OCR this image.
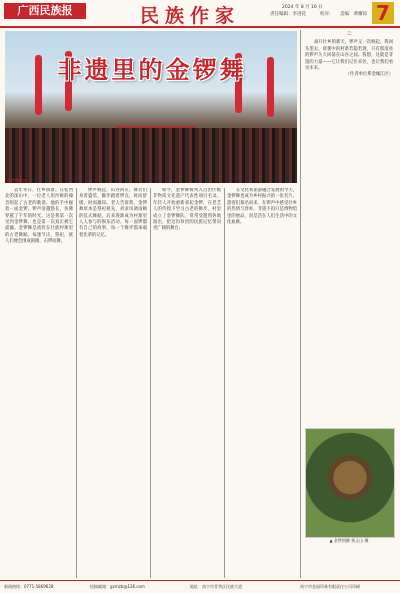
广西民族报	民族作家	2024 年 8 月 16 日
责任编辑：李进花	校对： 美编：黄耀琼 7
非遗里的金锣舞
金锣舞表演

去年冬日，壮乡侗寨。在桂西北的深山中，一位老人用沙哑的嗓音唱起了古老的歌谣。他的手中握着一面金锣，锣声清越悠长，仿佛穿越了千年的时光。这是我第一次见到金锣舞，也是第一次真正被它震撼。金锣舞是流传在壮族村寨里的古老舞蹈，每逢节庆、祭祀，族人们便会围成圆圈，击锣而舞。

锣声响起，山谷回应。舞者们身着盛装，脚步踏着锣点，时而舒缓，时而激昂。老人告诉我，金锣舞原本是祭祀祖先、祈求风调雨顺的仪式舞蹈，后来逐渐成为村寨里人人参与的娱乐活动。每一面锣都有自己的故事，每一个舞步都承载着先辈的记忆。

如今，金锣舞被列入自治区级非物质文化遗产代表性项目名录。年轻人开始重新拿起金锣，在老艺人的传授下学习古老的舞步。村里成立了金锣舞队，常常受邀到各地演出，把这份珍贵的民族记忆带向更广阔的舞台。

在文化和旅游融合发展的今天，金锣舞也成为乡村振兴的一张名片。游客们慕名而来，在锣声中感受壮乡的热情与淳朴。非遗不再只是博物馆里的展品，而是活在人们生活中的文化血脉。

二

离开壮乡的那天，锣声又一次响起。我回头望去，晨雾中的村寨若隐若现，只有那清亮的锣声久久回荡在山谷之间。我想，这就是非遗的力量——它让我们记住来处，也让我们看见未来。

（作者单位系金城江区）

▲ 金锣图腾 黄正山 摄
新闻热线：0771-5869628	投稿邮箱：gxmzb@126.com	地址：南宁市青秀区民族大道	南宁市金园印务有限责任公司印刷
